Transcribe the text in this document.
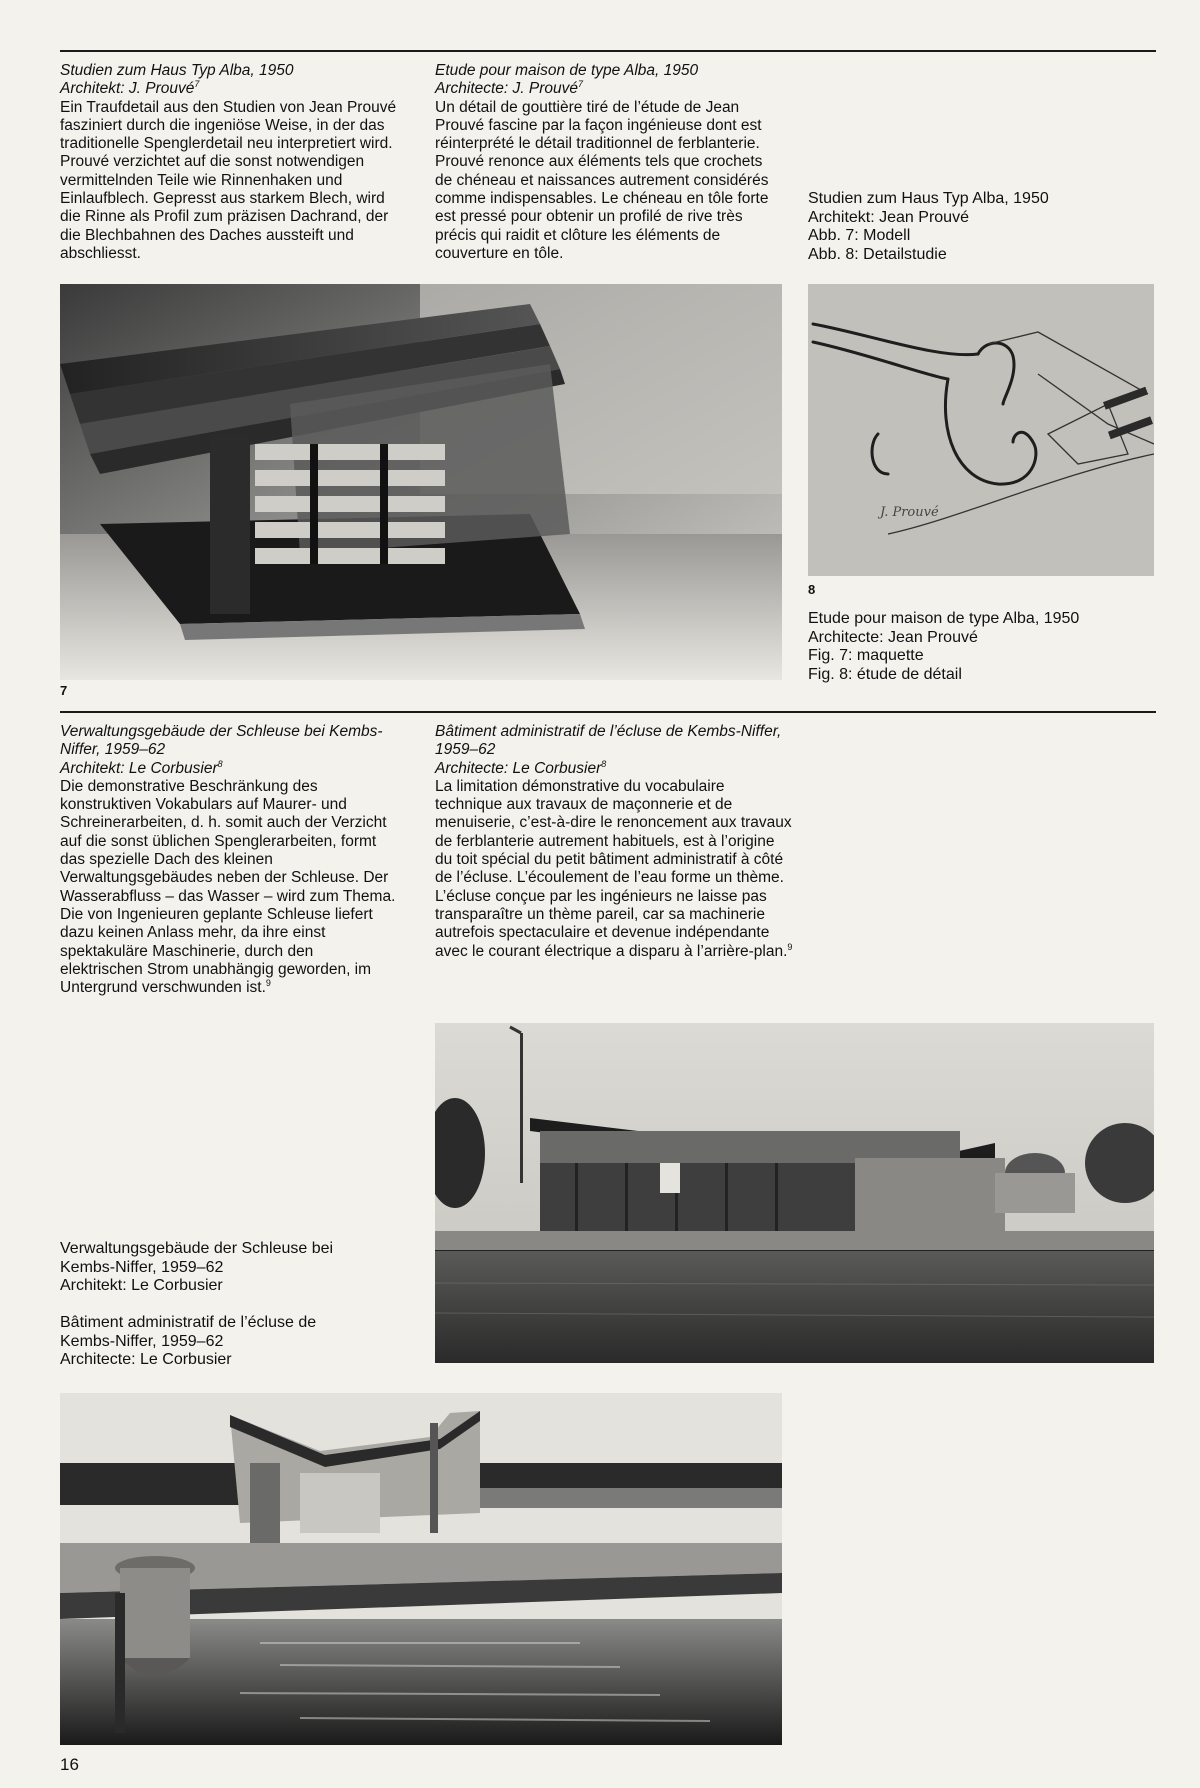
Studien zum Haus Typ Alba, 1950

Architekt: J. Prouvé$^7$

Ein Traufdetail aus den Studien von Jean Prouvé fasziniert durch die ingeniöse Weise, in der das traditionelle Spenglerdetail neu interpretiert wird. Prouvé verzichtet auf die sonst notwendigen vermittelnden Teile wie Rinnenhaken und Einlaufblech. Gepresst aus starkem Blech, wird die Rinne als Profil zum präzisen Dachrand, der die Blechbahnen des Daches aussteift und abschliesst.

Etude pour maison de type Alba, 1950

Architecte: J. Prouvé$^7$

Un détail de gouttière tiré de l’étude de Jean Prouvé fascine par la façon ingénieuse dont est réinterprété le détail traditionnel de ferblanterie. Prouvé renonce aux éléments tels que crochets de chéneau et naissances autrement considérés comme indispensables. Le chéneau en tôle forte est pressé pour obtenir un profilé de rive très précis qui raidit et clôture les éléments de couverture en tôle.

Studien zum Haus Typ Alba, 1950

Architekt: Jean Prouvé

Abb. 7: Modell

Abb. 8: Detailstudie

7
J. Prouvé
8

Etude pour maison de type Alba, 1950

Architecte: Jean Prouvé

Fig. 7: maquette

Fig. 8: étude de détail

Verwaltungsgebäude der Schleuse bei Kembs-Niffer, 1959–62

Architekt: Le Corbusier$^8$

Die demonstrative Beschränkung des konstruktiven Vokabulars auf Maurer- und Schreinerarbeiten, d. h. somit auch der Verzicht auf die sonst üblichen Spenglerarbeiten, formt das spezielle Dach des kleinen Verwaltungsgebäudes neben der Schleuse. Der Wasserabfluss – das Wasser – wird zum Thema. Die von Ingenieuren geplante Schleuse liefert dazu keinen Anlass mehr, da ihre einst spektakuläre Maschinerie, durch den elektrischen Strom unabhängig geworden, im Untergrund verschwunden ist.$^9$

Bâtiment administratif de l’écluse de Kembs-Niffer, 1959–62

Architecte: Le Corbusier$^8$

La limitation démonstrative du vocabulaire technique aux travaux de maçonnerie et de menuiserie, c’est-à-dire le renoncement aux travaux de ferblanterie autrement habituels, est à l’origine du toit spécial du petit bâtiment administratif à côté de l’écluse. L’écoulement de l’eau forme un thème. L’écluse conçue par les ingénieurs ne laisse pas transparaître un thème pareil, car sa machinerie autrefois spectaculaire et devenue indépendante avec le courant électrique a disparu à l’arrière-plan.$^9$

Verwaltungsgebäude der Schleuse bei

Kembs-Niffer, 1959–62

Architekt: Le Corbusier

Bâtiment administratif de l’écluse de

Kembs-Niffer, 1959–62

Architecte: Le Corbusier

16
